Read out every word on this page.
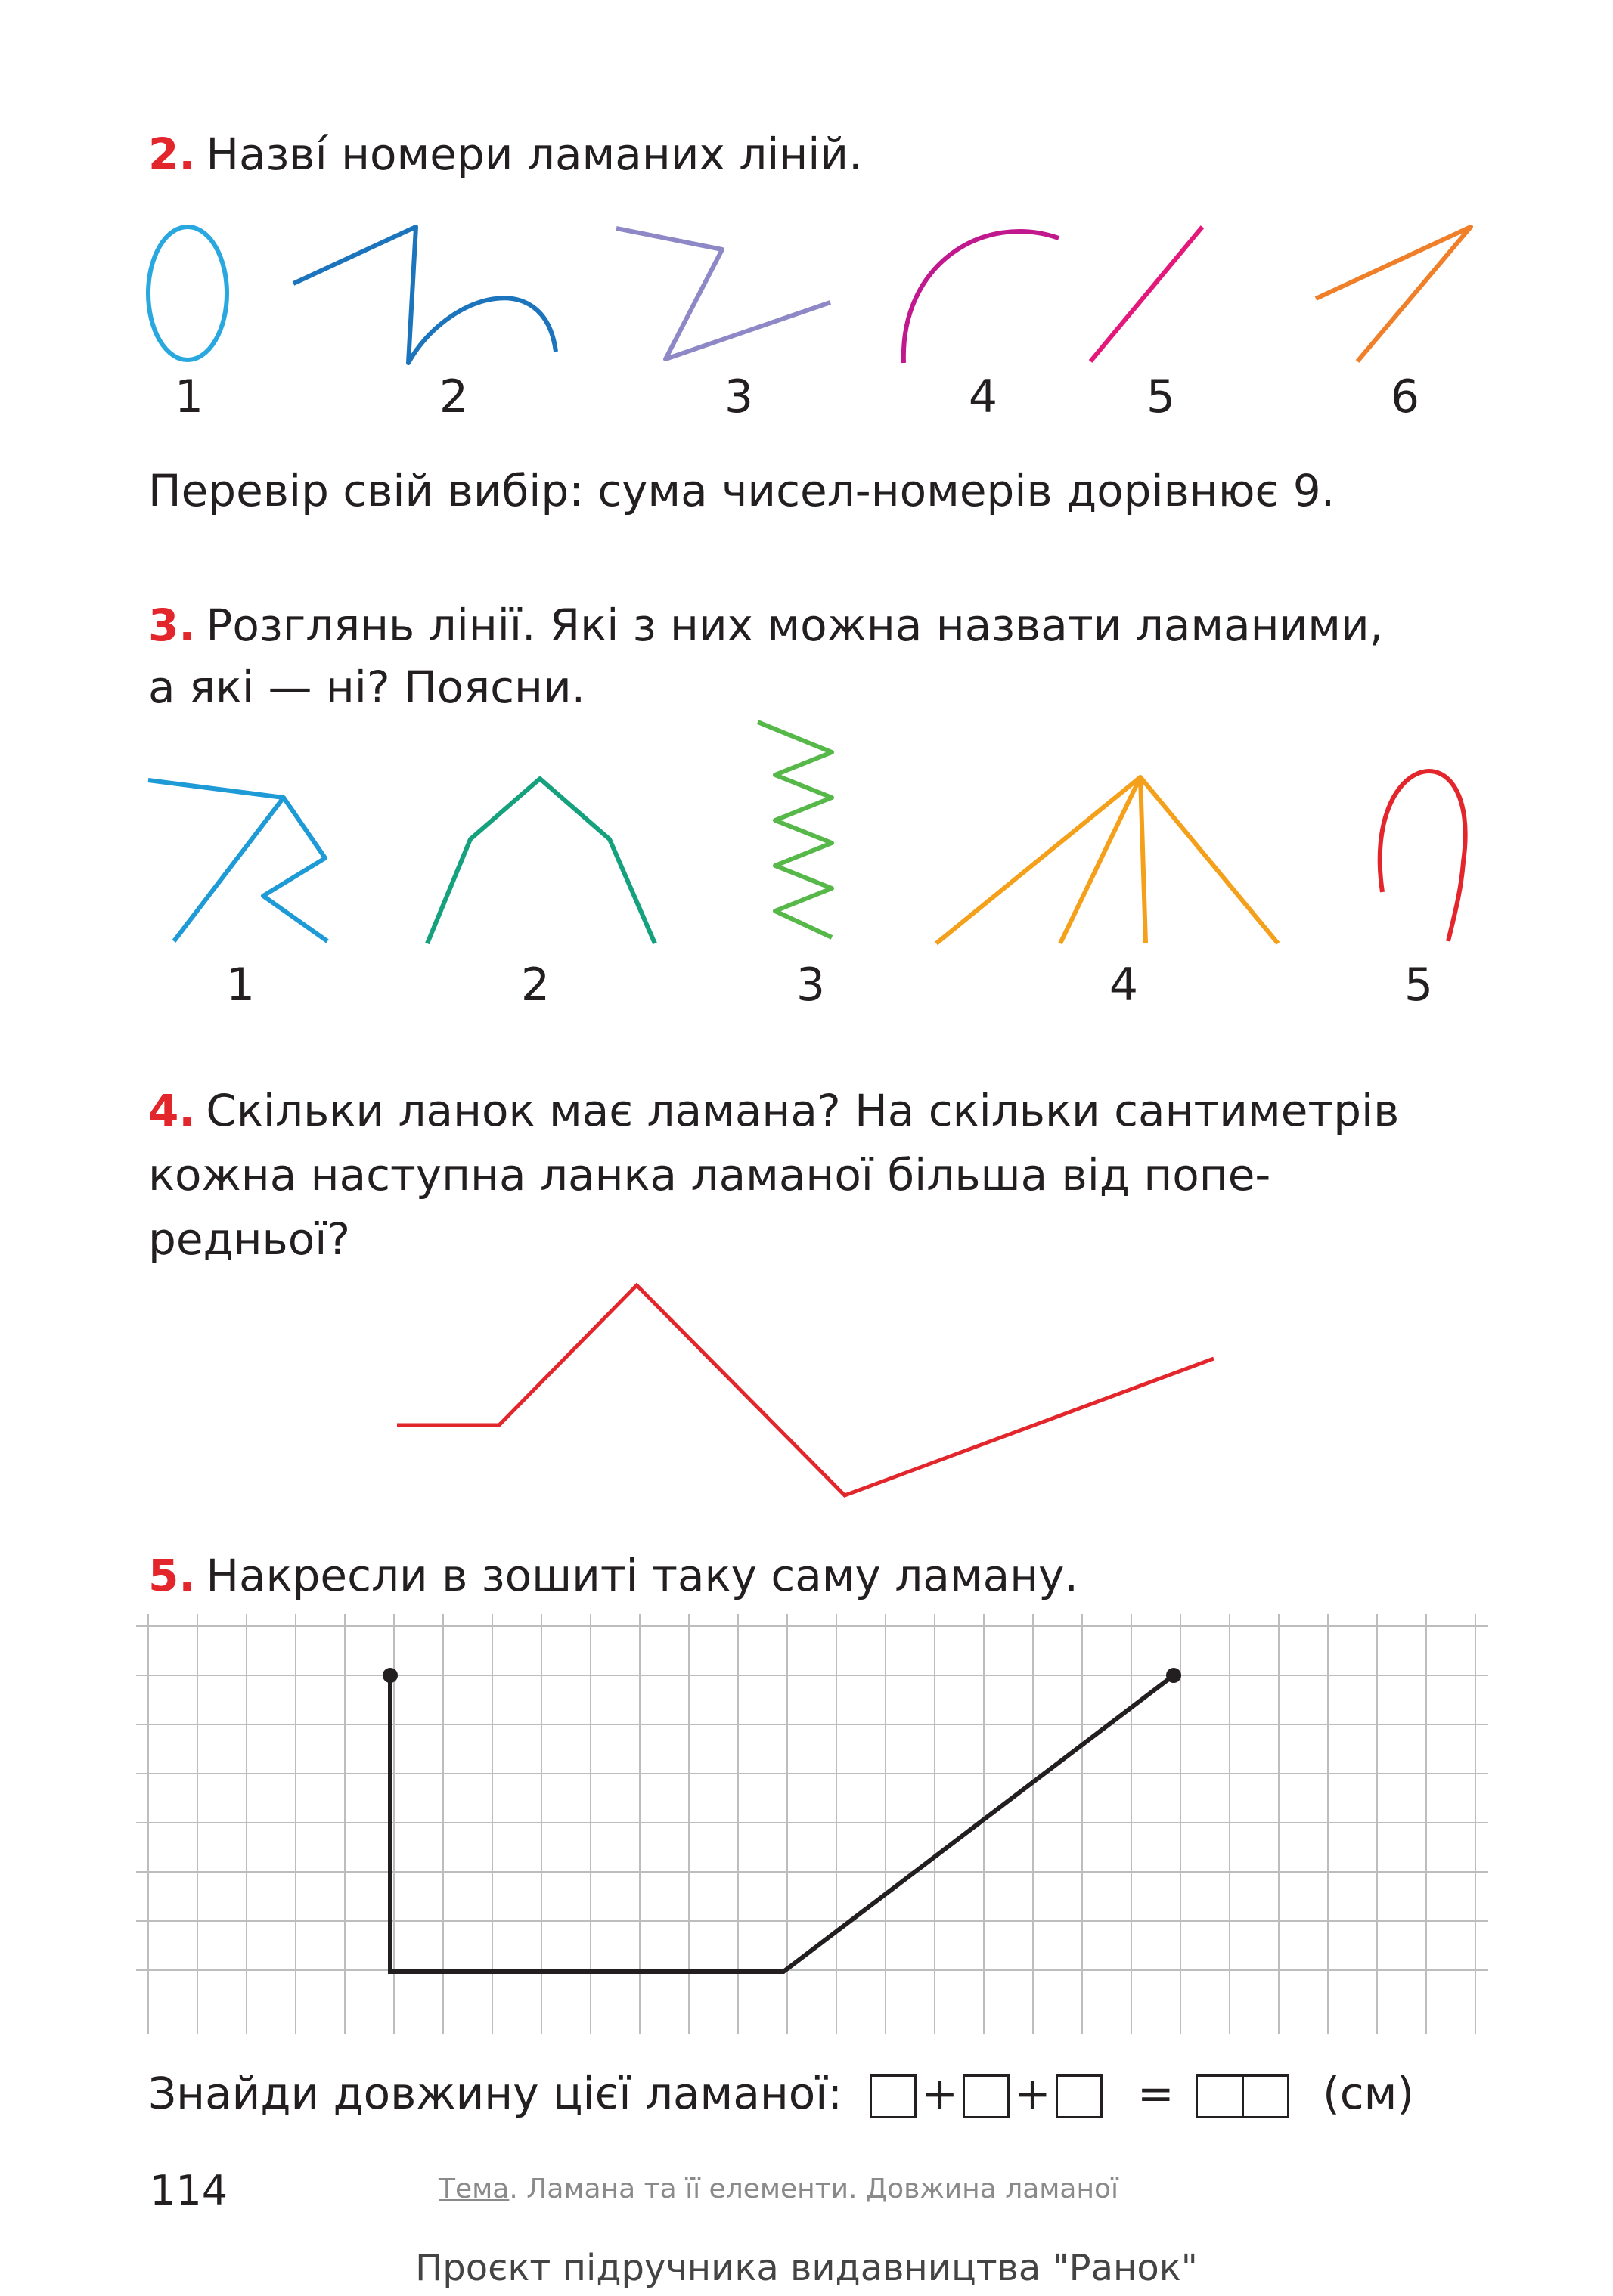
2. Назві́ номери ламаних ліній.
1	2	3	4	5	6
Перевір свій вибір: сума чисел-номерів дорівнює 9.
3. Розглянь лінії. Які з них можна назвати ламаними,
а які — ні? Поясни.
1	2	3	4	5
4. Скільки ланок має ламана? На скільки сантиметрів
кожна наступна ланка ламаної більша від попе-
редньої?
5. Накресли в зошиті таку саму ламану.
Знайди довжину цієї ламаної: + + =	(см)
114	Тема. Ламана та її елементи. Довжина ламаної
Проєкт підручника видавництва "Ранок"
